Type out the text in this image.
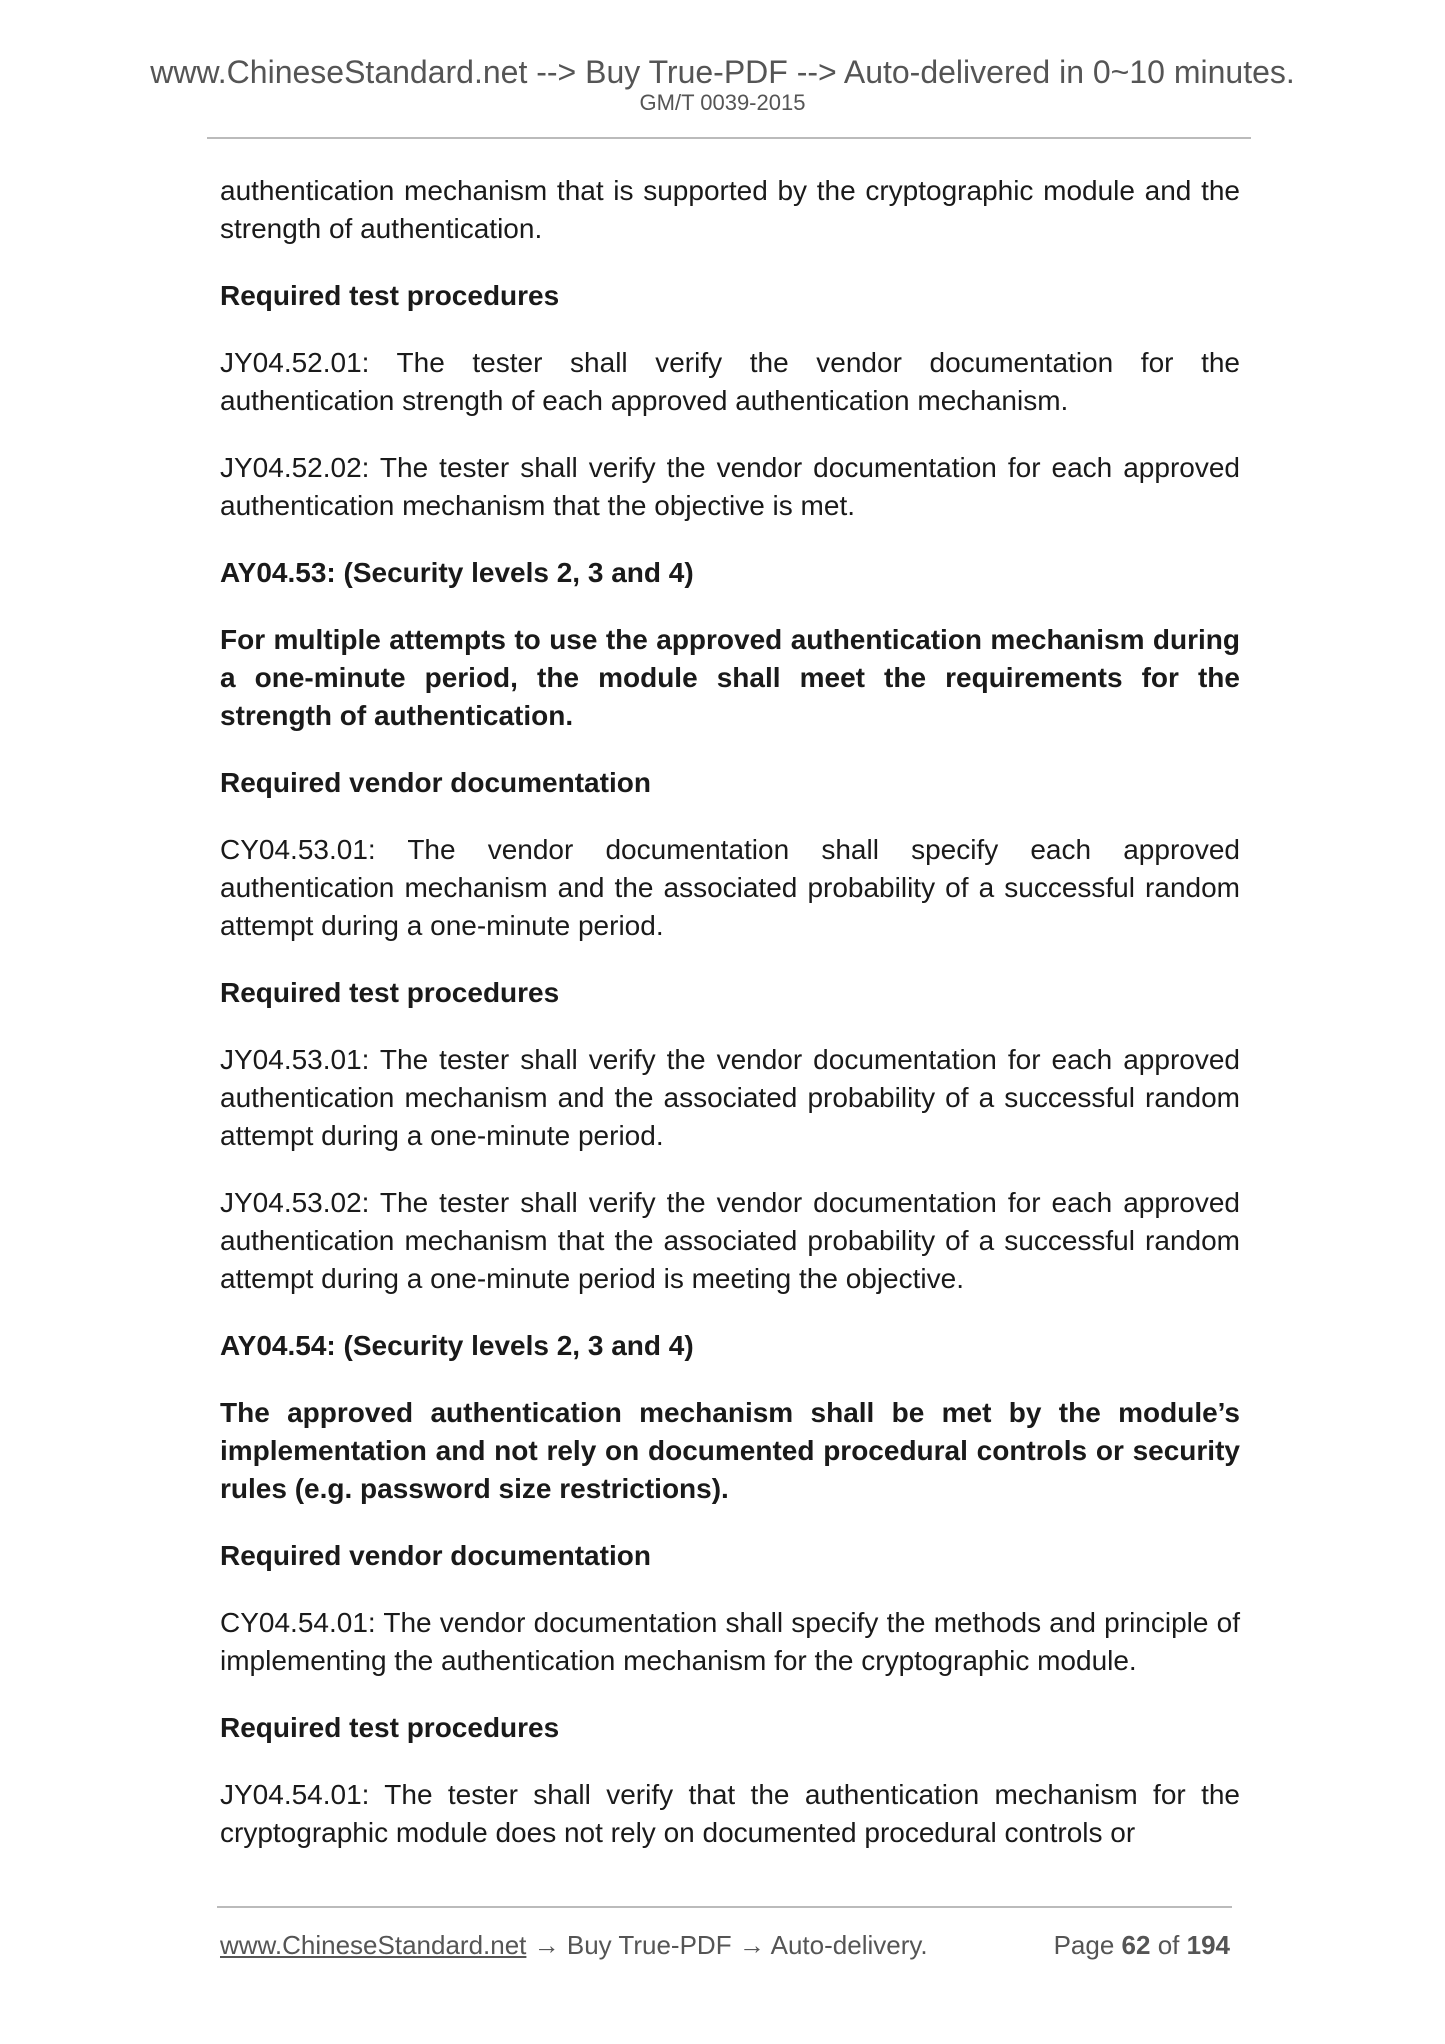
www.ChineseStandard.net --> Buy True-PDF --> Auto-delivered in 0~10 minutes.
GM/T 0039-2015

authentication mechanism that is supported by the cryptographic module and the strength of authentication.

Required test procedures

JY04.52.01: The tester shall verify the vendor documentation for the authentication strength of each approved authentication mechanism.

JY04.52.02: The tester shall verify the vendor documentation for each approved authentication mechanism that the objective is met.

AY04.53: (Security levels 2, 3 and 4)

For multiple attempts to use the approved authentication mechanism during a one-minute period, the module shall meet the requirements for the strength of authentication.

Required vendor documentation

CY04.53.01: The vendor documentation shall specify each approved authentication mechanism and the associated probability of a successful random attempt during a one-minute period.

Required test procedures

JY04.53.01: The tester shall verify the vendor documentation for each approved authentication mechanism and the associated probability of a successful random attempt during a one-minute period.

JY04.53.02: The tester shall verify the vendor documentation for each approved authentication mechanism that the associated probability of a successful random attempt during a one-minute period is meeting the objective.

AY04.54: (Security levels 2, 3 and 4)

The approved authentication mechanism shall be met by the module’s implementation and not rely on documented procedural controls or security rules (e.g. password size restrictions).

Required vendor documentation

CY04.54.01: The vendor documentation shall specify the methods and principle of implementing the authentication mechanism for the cryptographic module.

Required test procedures

JY04.54.01: The tester shall verify that the authentication mechanism for the cryptographic module does not rely on documented procedural controls or

www.ChineseStandard.net → Buy True-PDF → Auto-delivery.	Page 62 of 194
